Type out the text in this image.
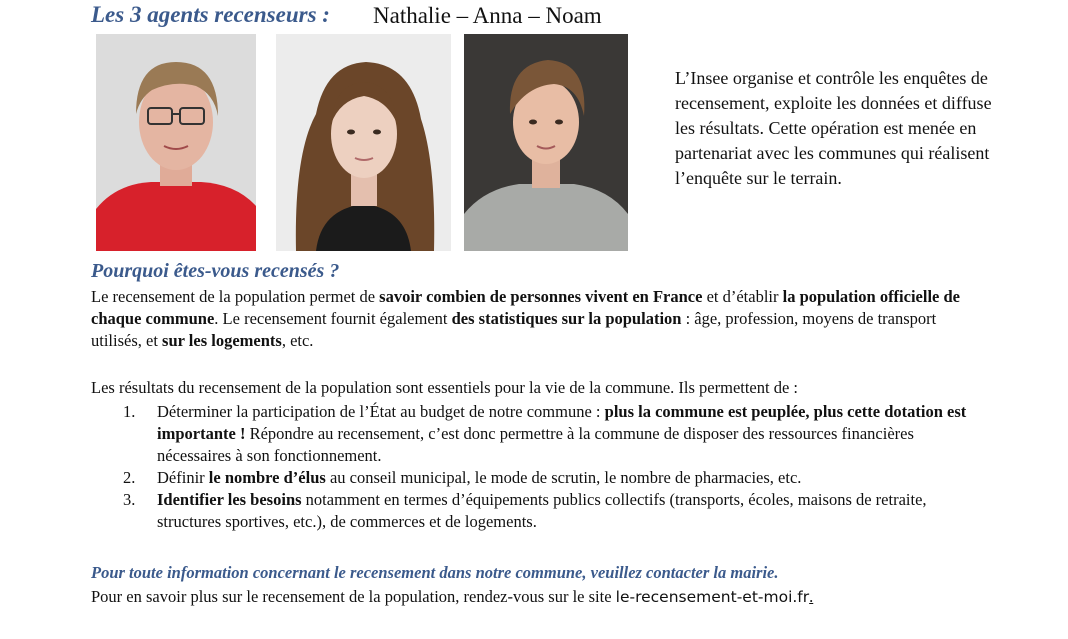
Les 3 agents recenseurs : Nathalie – Anna – Noam
L’Insee organise et contrôle les enquêtes de recensement, exploite les données et diffuse les résultats. Cette opération est menée en partenariat avec les communes qui réalisent l’enquête sur le terrain.
Pourquoi êtes-vous recensés ?
Le recensement de la population permet de savoir combien de personnes vivent en France et d’établir la population officielle de chaque commune. Le recensement fournit également des statistiques sur la population : âge, profession, moyens de transport utilisés, et sur les logements, etc.
Les résultats du recensement de la population sont essentiels pour la vie de la commune. Ils permettent de :
1. Déterminer la participation de l’État au budget de notre commune : plus la commune est peuplée, plus cette dotation est importante ! Répondre au recensement, c’est donc permettre à la commune de disposer des ressources financières nécessaires à son fonctionnement.
2. Définir le nombre d’élus au conseil municipal, le mode de scrutin, le nombre de pharmacies, etc.
3. Identifier les besoins notamment en termes d’équipements publics collectifs (transports, écoles, maisons de retraite, structures sportives, etc.), de commerces et de logements.
Pour toute information concernant le recensement dans notre commune, veuillez contacter la mairie.
Pour en savoir plus sur le recensement de la population, rendez-vous sur le site le-recensement-et-moi.fr.
